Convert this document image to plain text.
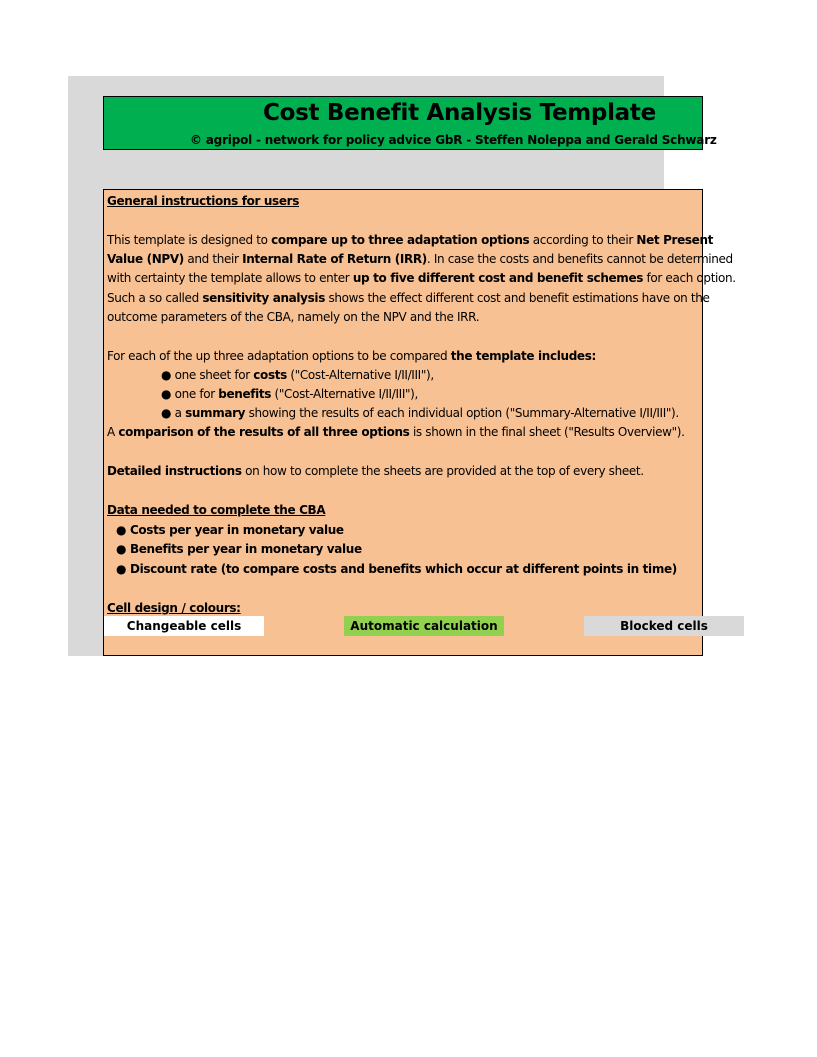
Cost Benefit Analysis Template
© agripol - network for policy advice GbR - Steffen Noleppa and Gerald Schwarz
General instructions for users
This template is designed to compare up to three adaptation options according to their Net Present
Value (NPV) and their Internal Rate of Return (IRR). In case the costs and benefits cannot be determined
with certainty the template allows to enter up to five different cost and benefit schemes for each option.
Such a so called sensitivity analysis shows the effect different cost and benefit estimations have on the
outcome parameters of the CBA, namely on the NPV and the IRR.
For each of the up three adaptation options to be compared the template includes:
● one sheet for costs ("Cost-Alternative I/II/III"),
● one for benefits ("Cost-Alternative I/II/III"),
● a summary showing the results of each individual option ("Summary-Alternative I/II/III").
A comparison of the results of all three options is shown in the final sheet ("Results Overview").
Detailed instructions on how to complete the sheets are provided at the top of every sheet.
Data needed to complete the CBA
● Costs per year in monetary value
● Benefits per year in monetary value
● Discount rate (to compare costs and benefits which occur at different points in time)
Cell design / colours:
Changeable cells	Automatic calculation	Blocked cells
